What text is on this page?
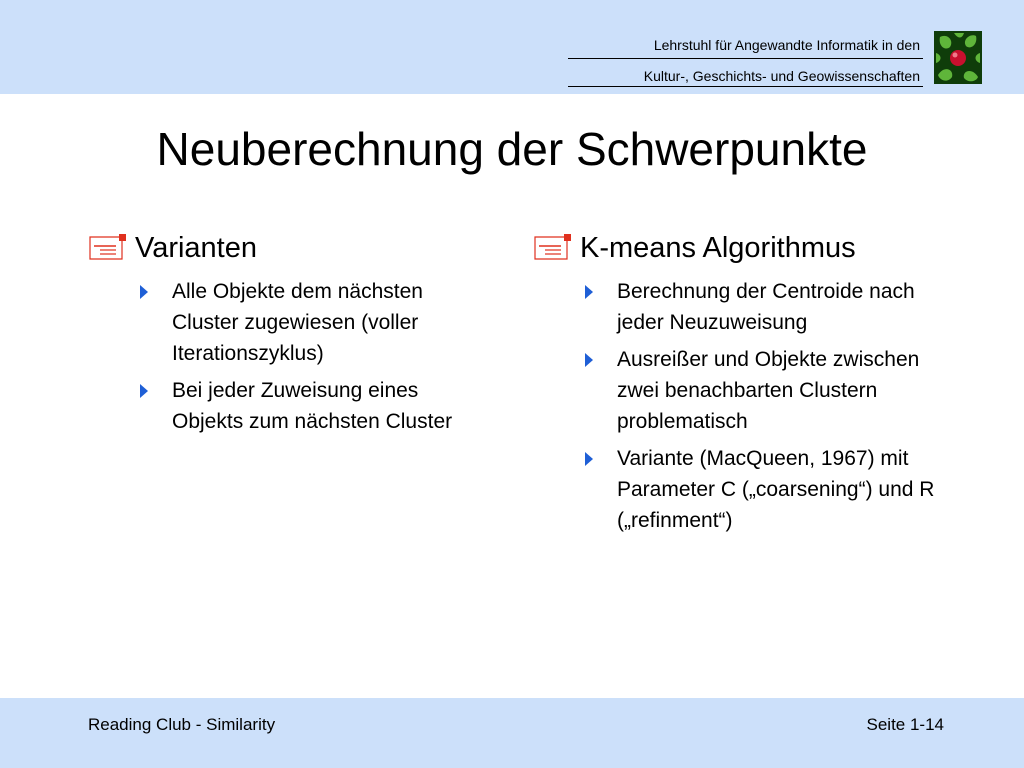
Lehrstuhl für Angewandte Informatik in den
Kultur-, Geschichts- und Geowissenschaften
Neuberechnung der Schwerpunkte
Varianten
Alle Objekte dem nächsten Cluster zugewiesen (voller Iterationszyklus)
Bei jeder Zuweisung eines Objekts zum nächsten Cluster
K-means Algorithmus
Berechnung der Centroide nach jeder Neuzuweisung
Ausreißer und Objekte zwischen zwei benachbarten Clustern problematisch
Variante (MacQueen, 1967) mit Parameter C („coarsening“) und R („refinment“)
Reading Club - Similarity	Seite 1-14
